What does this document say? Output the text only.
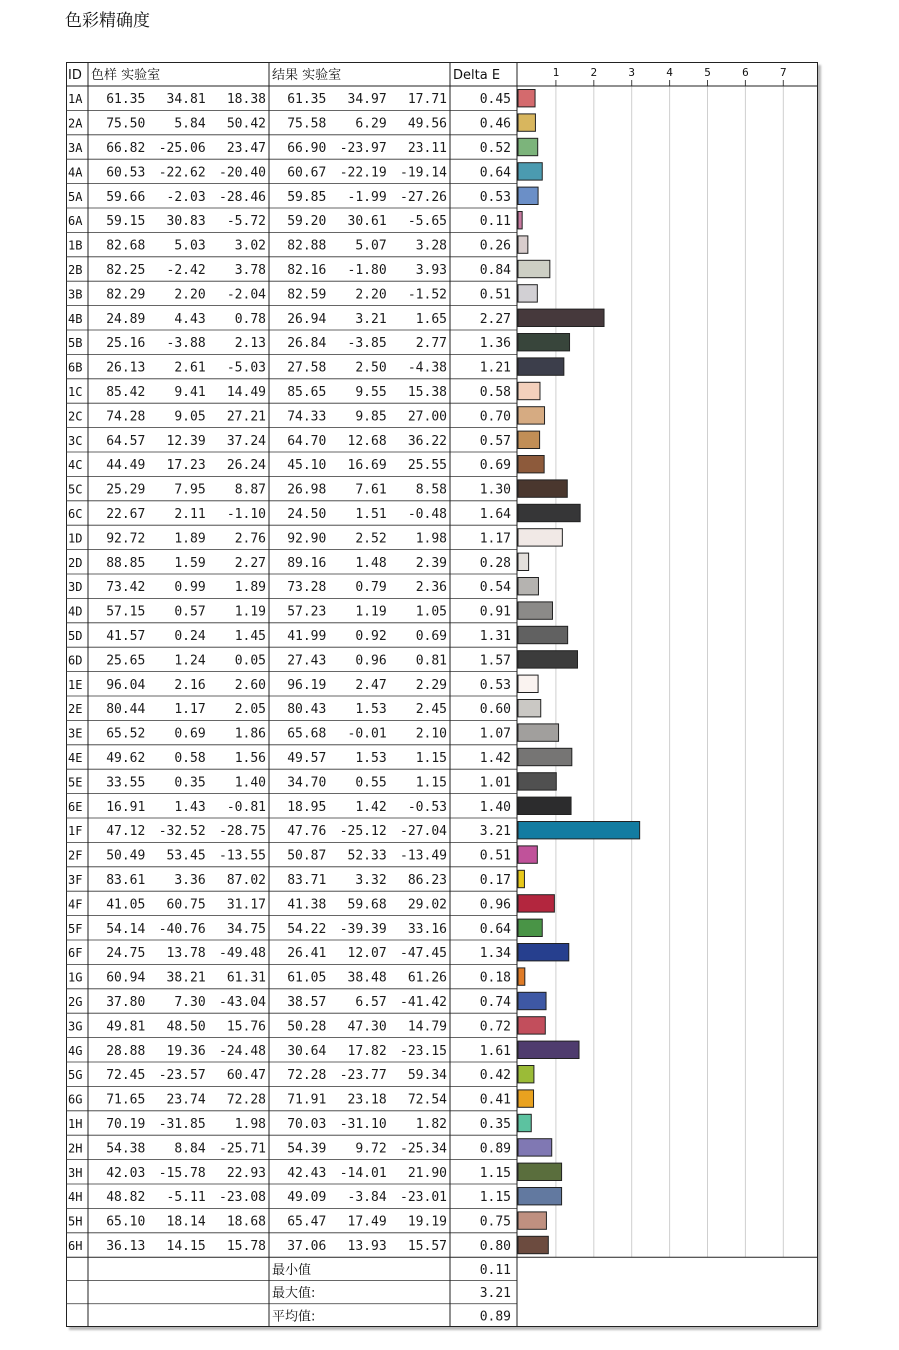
色彩精确度
1	2	3	4	5	6	7
ID 色样 实验室	结果 实验室	Delta E
1A 61.35 34.81 18.38 61.35 34.97 17.71	0.45
2A 75.50 5.84 50.42 75.58 6.29 49.56	0.46
3A 66.82 -25.06 23.47 66.90 -23.97 23.11	0.52
4A 60.53 -22.62 -20.40 60.67 -22.19 -19.14	0.64
5A 59.66 -2.03 -28.46 59.85 -1.99 -27.26	0.53
6A 59.15 30.83 -5.72 59.20 30.61 -5.65	0.11
1B 82.68 5.03 3.02 82.88 5.07 3.28	0.26
2B 82.25 -2.42 3.78 82.16 -1.80 3.93	0.84
3B 82.29 2.20 -2.04 82.59 2.20 -1.52	0.51
4B 24.89 4.43 0.78 26.94 3.21 1.65	2.27
5B 25.16 -3.88 2.13 26.84 -3.85 2.77	1.36
6B 26.13 2.61 -5.03 27.58 2.50 -4.38	1.21
1C 85.42 9.41 14.49 85.65 9.55 15.38	0.58
2C 74.28 9.05 27.21 74.33 9.85 27.00	0.70
3C 64.57 12.39 37.24 64.70 12.68 36.22	0.57
4C 44.49 17.23 26.24 45.10 16.69 25.55	0.69
5C 25.29 7.95 8.87 26.98 7.61 8.58	1.30
6C 22.67 2.11 -1.10 24.50 1.51 -0.48	1.64
1D 92.72 1.89 2.76 92.90 2.52 1.98	1.17
2D 88.85 1.59 2.27 89.16 1.48 2.39	0.28
3D 73.42 0.99 1.89 73.28 0.79 2.36	0.54
4D 57.15 0.57 1.19 57.23 1.19 1.05	0.91
5D 41.57 0.24 1.45 41.99 0.92 0.69	1.31
6D 25.65 1.24 0.05 27.43 0.96 0.81	1.57
1E 96.04 2.16 2.60 96.19 2.47 2.29	0.53
2E 80.44 1.17 2.05 80.43 1.53 2.45	0.60
3E 65.52 0.69 1.86 65.68 -0.01 2.10	1.07
4E 49.62 0.58 1.56 49.57 1.53 1.15	1.42
5E 33.55 0.35 1.40 34.70 0.55 1.15	1.01
6E 16.91 1.43 -0.81 18.95 1.42 -0.53	1.40
1F 47.12 -32.52 -28.75 47.76 -25.12 -27.04	3.21
2F 50.49 53.45 -13.55 50.87 52.33 -13.49	0.51
3F 83.61 3.36 87.02 83.71 3.32 86.23	0.17
4F 41.05 60.75 31.17 41.38 59.68 29.02	0.96
5F 54.14 -40.76 34.75 54.22 -39.39 33.16	0.64
6F 24.75 13.78 -49.48 26.41 12.07 -47.45	1.34
1G 60.94 38.21 61.31 61.05 38.48 61.26	0.18
2G 37.80 7.30 -43.04 38.57 6.57 -41.42	0.74
3G 49.81 48.50 15.76 50.28 47.30 14.79	0.72
4G 28.88 19.36 -24.48 30.64 17.82 -23.15	1.61
5G 72.45 -23.57 60.47 72.28 -23.77 59.34	0.42
6G 71.65 23.74 72.28 71.91 23.18 72.54	0.41
1H 70.19 -31.85 1.98 70.03 -31.10 1.82	0.35
2H 54.38 8.84 -25.71 54.39 9.72 -25.34	0.89
3H 42.03 -15.78 22.93 42.43 -14.01 21.90	1.15
4H 48.82 -5.11 -23.08 49.09 -3.84 -23.01	1.15
5H 65.10 18.14 18.68 65.47 17.49 19.19	0.75
6H 36.13 14.15 15.78 37.06 13.93 15.57	0.80
最小值	0.11
最大值:	3.21
平均值:	0.89
